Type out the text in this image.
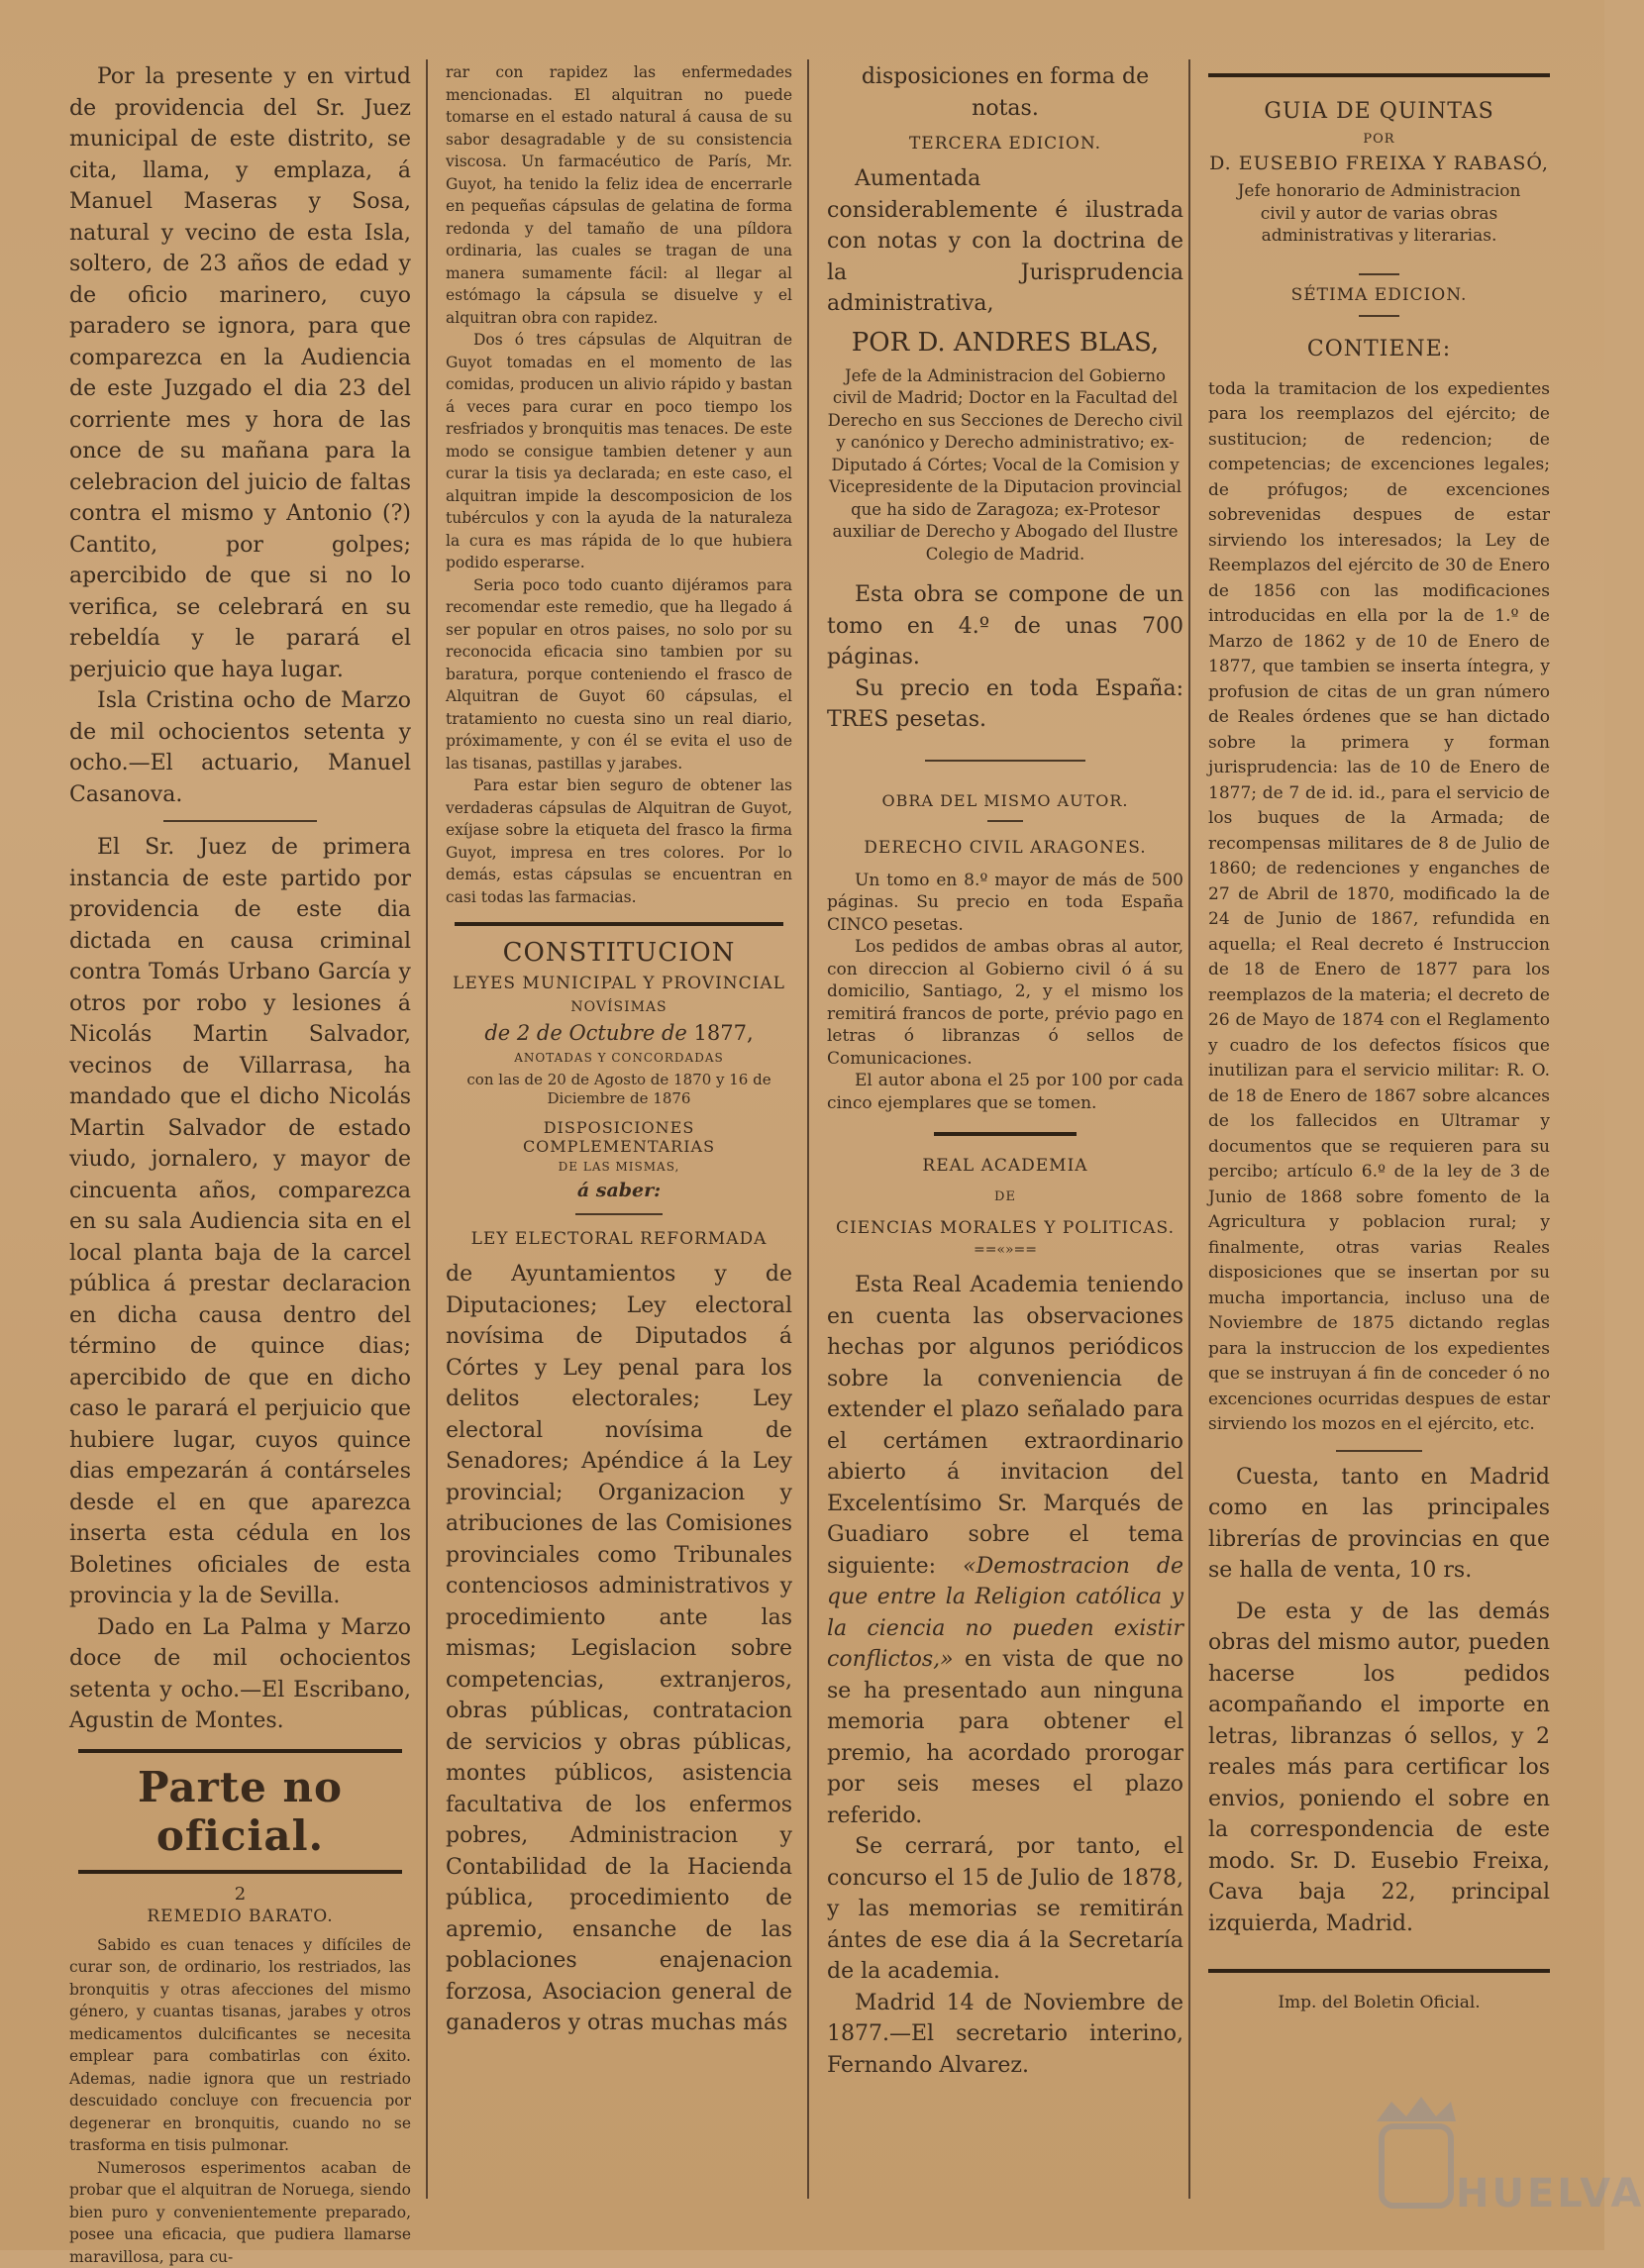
Por la presente y en virtud de providencia del Sr. Juez municipal de este distrito, se cita, llama, y emplaza, á Manuel Maseras y Sosa, natural y vecino de esta Isla, soltero, de 23 años de edad y de oficio marinero, cuyo paradero se ignora, para que comparezca en la Audiencia de este Juzgado el dia 23 del corriente mes y hora de las once de su mañana para la celebracion del juicio de faltas contra el mismo y Antonio (?) Cantito, por golpes; apercibido de que si no lo verifica, se celebrará en su rebeldía y le parará el perjuicio que haya lugar.

Isla Cristina ocho de Marzo de mil ochocientos setenta y ocho.—El actuario, Manuel Casanova.

El Sr. Juez de primera instancia de este partido por providencia de este dia dictada en causa criminal contra Tomás Urbano García y otros por robo y lesiones á Nicolás Martin Salvador, vecinos de Villarrasa, ha mandado que el dicho Nicolás Martin Salvador de estado viudo, jornalero, y mayor de cincuenta años, comparezca en su sala Audiencia sita en el local planta baja de la carcel pública á prestar declaracion en dicha causa dentro del término de quince dias; apercibido de que en dicho caso le parará el perjuicio que hubiere lugar, cuyos quince dias empezarán á contárseles desde el en que aparezca inserta esta cédula en los Boletines oficiales de esta provincia y la de Sevilla.

Dado en La Palma y Marzo doce de mil ochocientos setenta y ocho.—El Escribano, Agustin de Montes.

Parte no oficial.
2
REMEDIO BARATO.

Sabido es cuan tenaces y difíciles de curar son, de ordinario, los restriados, las bronquitis y otras afecciones del mismo género, y cuantas tisanas, jarabes y otros medicamentos dulcificantes se necesita emplear para combatirlas con éxito. Ademas, nadie ignora que un restriado descuidado concluye con frecuencia por degenerar en bronquitis, cuando no se trasforma en tisis pulmonar.

Numerosos esperimentos acaban de probar que el alquitran de Noruega, siendo bien puro y convenientemente preparado, posee una eficacia, que pudiera llamarse maravillosa, para cu-

rar con rapidez las enfermedades mencionadas. El alquitran no puede tomarse en el estado natural á causa de su sabor desagradable y de su consistencia viscosa. Un farmacéutico de París, Mr. Guyot, ha tenido la feliz idea de encerrarle en pequeñas cápsulas de gelatina de forma redonda y del tamaño de una píldora ordinaria, las cuales se tragan de una manera sumamente fácil: al llegar al estómago la cápsula se disuelve y el alquitran obra con rapidez.

Dos ó tres cápsulas de Alquitran de Guyot tomadas en el momento de las comidas, producen un alivio rápido y bastan á veces para curar en poco tiempo los resfriados y bronquitis mas tenaces. De este modo se consigue tambien detener y aun curar la tisis ya declarada; en este caso, el alquitran impide la descomposicion de los tubérculos y con la ayuda de la naturaleza la cura es mas rápida de lo que hubiera podido esperarse.

Seria poco todo cuanto dijéramos para recomendar este remedio, que ha llegado á ser popular en otros paises, no solo por su reconocida eficacia sino tambien por su baratura, porque conteniendo el frasco de Alquitran de Guyot 60 cápsulas, el tratamiento no cuesta sino un real diario, próximamente, y con él se evita el uso de las tisanas, pastillas y jarabes.

Para estar bien seguro de obtener las verdaderas cápsulas de Alquitran de Guyot, exíjase sobre la etiqueta del frasco la firma Guyot, impresa en tres colores. Por lo demás, estas cápsulas se encuentran en casi todas las farmacias.

CONSTITUCION
LEYES MUNICIPAL Y PROVINCIAL
NOVÍSIMAS
de 2 de Octubre de 1877,
ANOTADAS Y CONCORDADAS
con las de 20 de Agosto de 1870 y 16 de Diciembre de 1876
DISPOSICIONES COMPLEMENTARIAS
DE LAS MISMAS,
á saber:
LEY ELECTORAL REFORMADA

de Ayuntamientos y de Diputaciones; Ley electoral novísima de Diputados á Córtes y Ley penal para los delitos electorales; Ley electoral novísima de Senadores; Apéndice á la Ley provincial; Organizacion y atribuciones de las Comisiones provinciales como Tribunales contenciosos administrativos y procedimiento ante las mismas; Legislacion sobre competencias, extranjeros, obras públicas, contratacion de servicios y obras públicas, montes públicos, asistencia facultativa de los enfermos pobres, Administracion y Contabilidad de la Hacienda pública, procedimiento de apremio, ensanche de las poblaciones enajenacion forzosa, Asociacion general de ganaderos y otras muchas más

disposiciones en forma de notas.

TERCERA EDICION.

Aumentada considerablemente é ilustrada con notas y con la doctrina de la Jurisprudencia administrativa,

POR D. ANDRES BLAS,

Jefe de la Administracion del Gobierno civil de Madrid; Doctor en la Facultad del Derecho en sus Secciones de Derecho civil y canónico y Derecho administrativo; ex-Diputado á Córtes; Vocal de la Comision y Vicepresidente de la Diputacion provincial que ha sido de Zaragoza; ex-Protesor auxiliar de Derecho y Abogado del Ilustre Colegio de Madrid.

Esta obra se compone de un tomo en 4.º de unas 700 páginas.

Su precio en toda España: TRES pesetas.

OBRA DEL MISMO AUTOR.
DERECHO CIVIL ARAGONES.

Un tomo en 8.º mayor de más de 500 páginas. Su precio en toda España CINCO pesetas.

Los pedidos de ambas obras al autor, con direccion al Gobierno civil ó á su domicilio, Santiago, 2, y el mismo los remitirá francos de porte, prévio pago en letras ó libranzas ó sellos de Comunicaciones.

El autor abona el 25 por 100 por cada cinco ejemplares que se tomen.

REAL ACADEMIA
DE
CIENCIAS MORALES Y POLITICAS.
==«»==

Esta Real Academia teniendo en cuenta las observaciones hechas por algunos periódicos sobre la conveniencia de extender el plazo señalado para el certámen extraordinario abierto á invitacion del Excelentísimo Sr. Marqués de Guadiaro sobre el tema siguiente: «Demostracion de que entre la Religion católica y la ciencia no pueden existir conflictos,» en vista de que no se ha presentado aun ninguna memoria para obtener el premio, ha acordado prorogar por seis meses el plazo referido.

Se cerrará, por tanto, el concurso el 15 de Julio de 1878, y las memorias se remitirán ántes de ese dia á la Secretaría de la academia.

Madrid 14 de Noviembre de 1877.—El secretario interino, Fernando Alvarez.

GUIA DE QUINTAS
POR
D. EUSEBIO FREIXA Y RABASÓ,

Jefe honorario de Administracion civil y autor de varias obras administrativas y literarias.

SÉTIMA EDICION.
CONTIENE:

toda la tramitacion de los expedientes para los reemplazos del ejército; de sustitucion; de redencion; de competencias; de excenciones legales; de prófugos; de excenciones sobrevenidas despues de estar sirviendo los interesados; la Ley de Reemplazos del ejército de 30 de Enero de 1856 con las modificaciones introducidas en ella por la de 1.º de Marzo de 1862 y de 10 de Enero de 1877, que tambien se inserta íntegra, y profusion de citas de un gran número de Reales órdenes que se han dictado sobre la primera y forman jurisprudencia: las de 10 de Enero de 1877; de 7 de id. id., para el servicio de los buques de la Armada; de recompensas militares de 8 de Julio de 1860; de redenciones y enganches de 27 de Abril de 1870, modificado la de 24 de Junio de 1867, refundida en aquella; el Real decreto é Instruccion de 18 de Enero de 1877 para los reemplazos de la materia; el decreto de 26 de Mayo de 1874 con el Reglamento y cuadro de los defectos físicos que inutilizan para el servicio militar: R. O. de 18 de Enero de 1867 sobre alcances de los fallecidos en Ultramar y documentos que se requieren para su percibo; artículo 6.º de la ley de 3 de Junio de 1868 sobre fomento de la Agricultura y poblacion rural; y finalmente, otras varias Reales disposiciones que se insertan por su mucha importancia, incluso una de Noviembre de 1875 dictando reglas para la instruccion de los expedientes que se instruyan á fin de conceder ó no excenciones ocurridas despues de estar sirviendo los mozos en el ejército, etc.

Cuesta, tanto en Madrid como en las principales librerías de provincias en que se halla de venta, 10 rs.

De esta y de las demás obras del mismo autor, pueden hacerse los pedidos acompañando el importe en letras, libranzas ó sellos, y 2 reales más para certificar los envios, poniendo el sobre en la correspondencia de este modo. Sr. D. Eusebio Freixa, Cava baja 22, principal izquierda, Madrid.

Imp. del Boletin Oficial.
HUELVA
